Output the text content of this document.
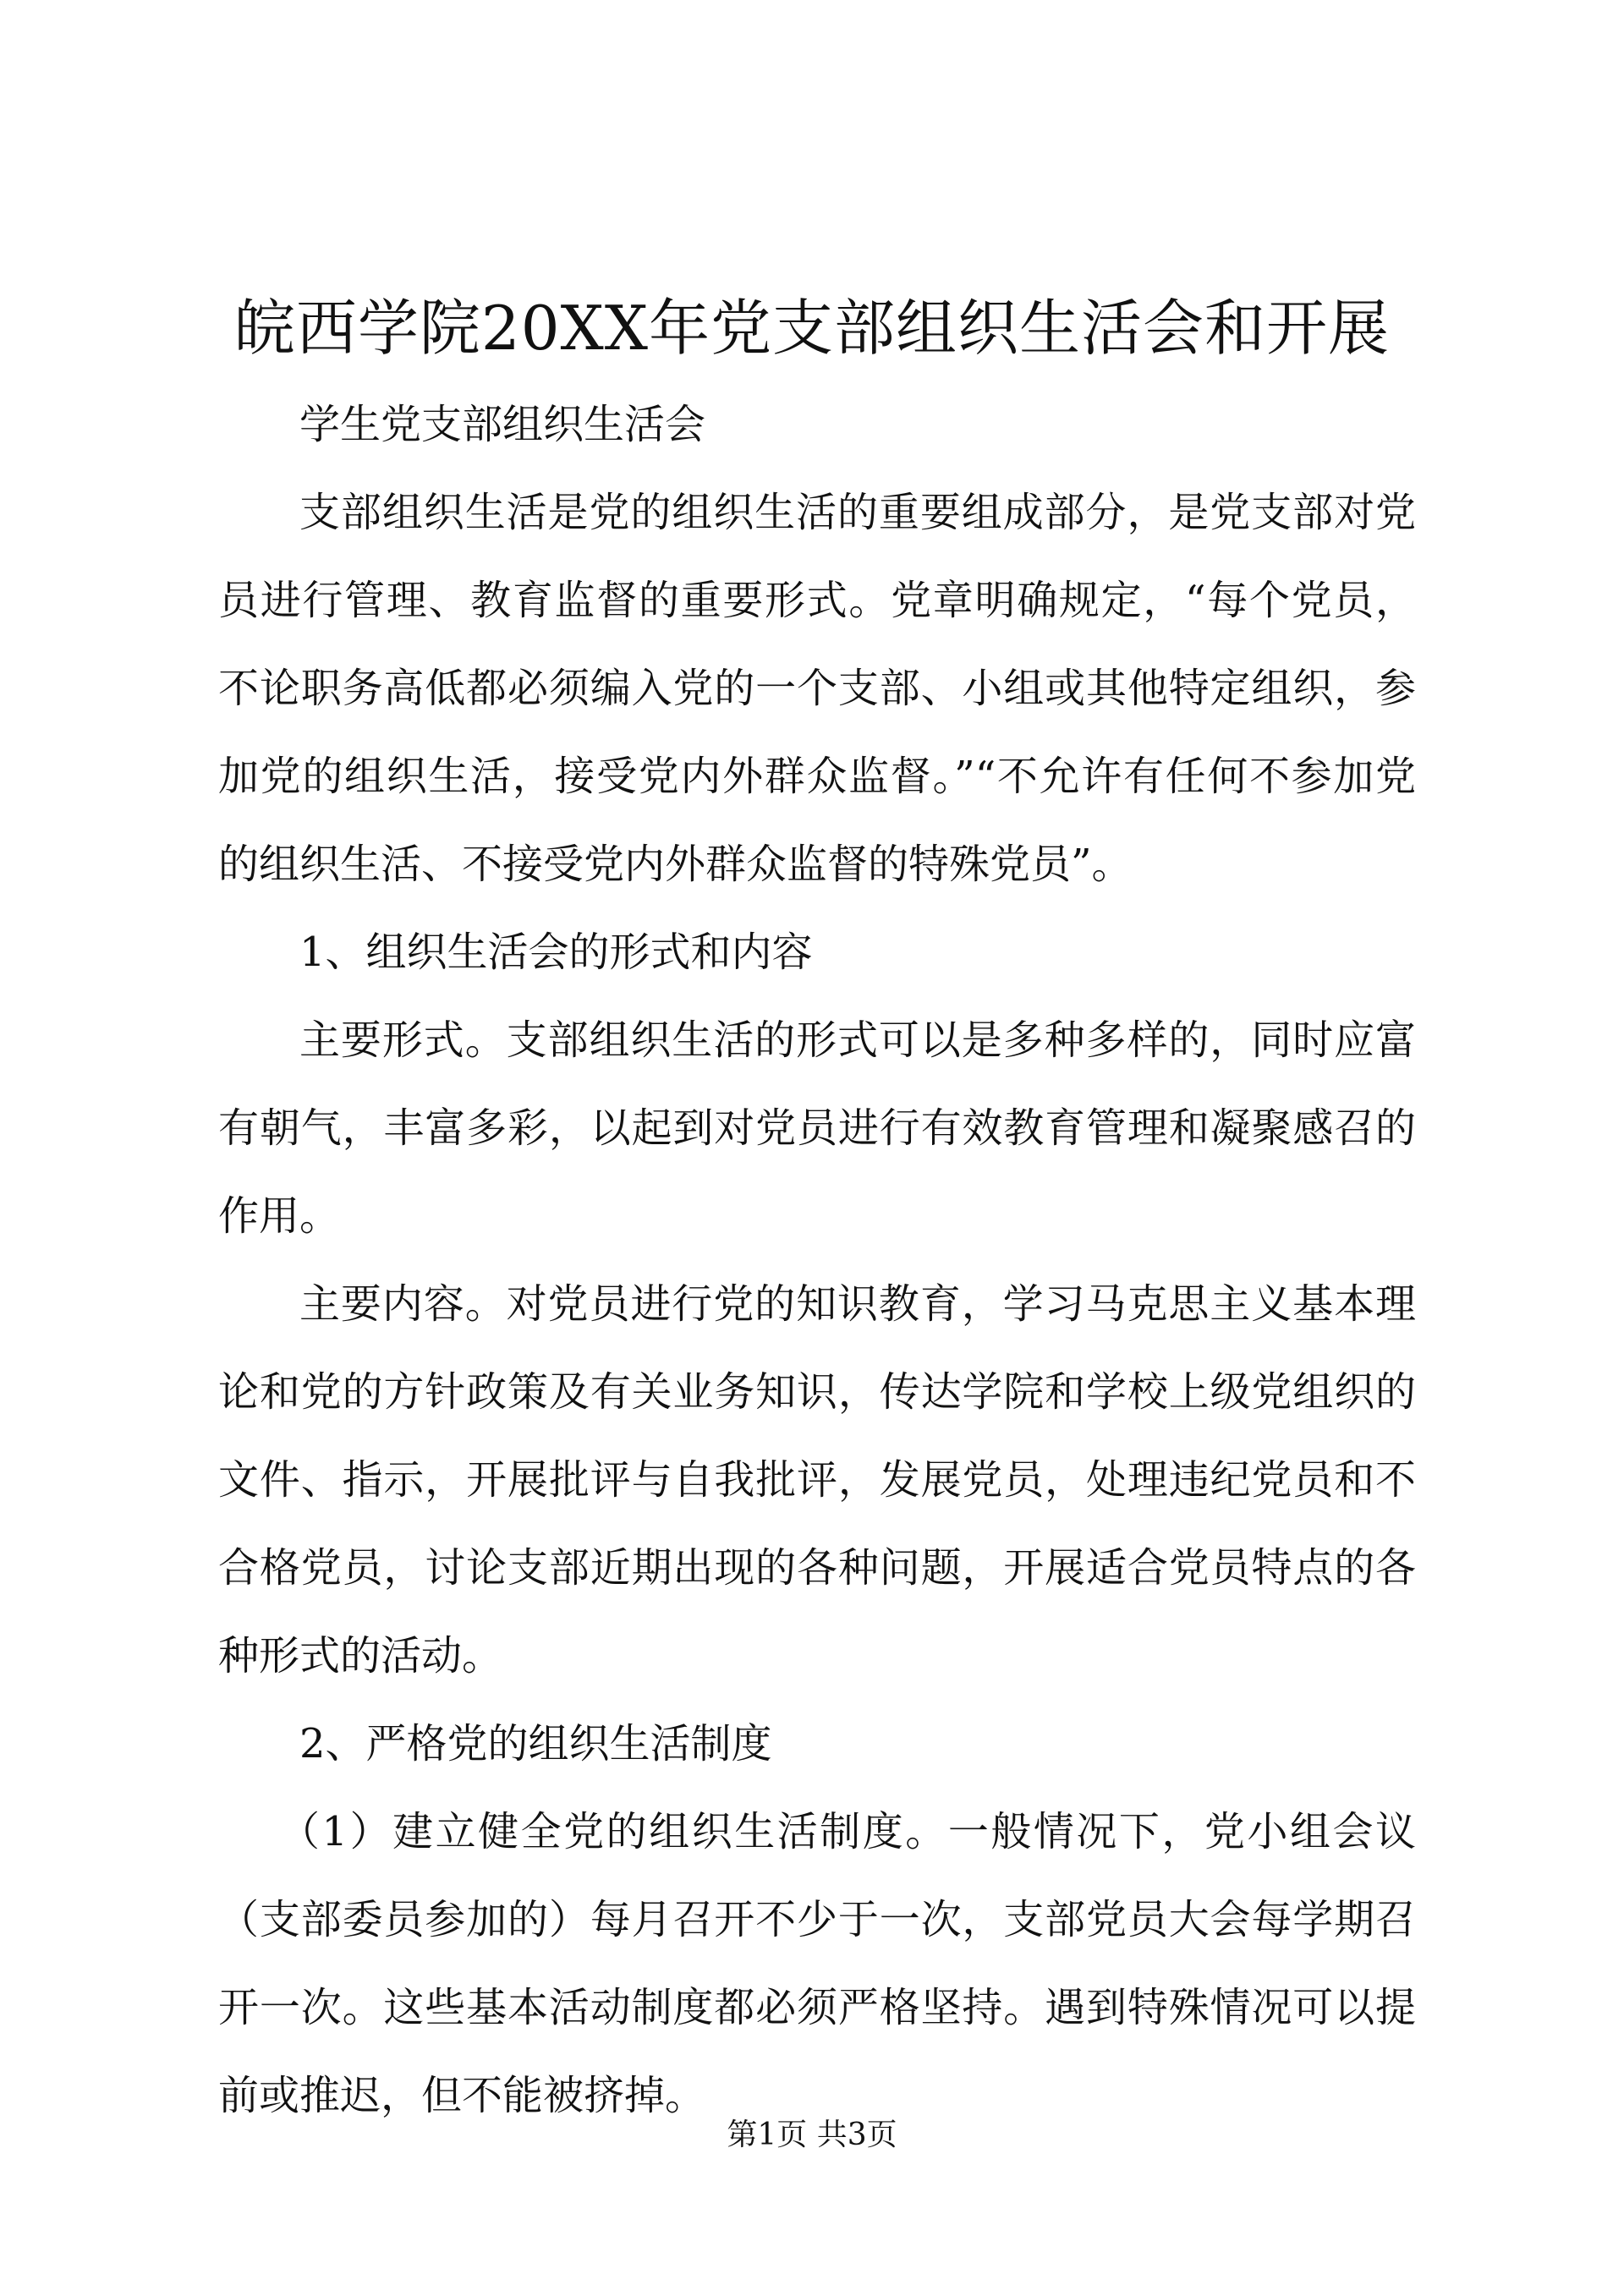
皖西学院20XX年党支部组织生活会和开展

学生党支部组织生活会

支部组织生活是党的组织生活的重要组成部分，是党支部对党员进行管理、教育监督的重要形式。党章明确规定，“每个党员，不论职务高低都必须编入党的一个支部、小组或其他特定组织，参加党的组织生活，接受党内外群众监督。”“不允许有任何不参加党的组织生活、不接受党内外群众监督的特殊党员”。

1、组织生活会的形式和内容

主要形式。支部组织生活的形式可以是多种多样的，同时应富有朝气，丰富多彩，以起到对党员进行有效教育管理和凝聚感召的作用。

主要内容。对党员进行党的知识教育，学习马克思主义基本理论和党的方针政策及有关业务知识，传达学院和学校上级党组织的文件、指示，开展批评与自我批评，发展党员，处理违纪党员和不合格党员，讨论支部近期出现的各种问题，开展适合党员特点的各种形式的活动。

2、严格党的组织生活制度

（1）建立健全党的组织生活制度。一般情况下，党小组会议（支部委员参加的）每月召开不少于一次，支部党员大会每学期召开一次。这些基本活动制度都必须严格坚持。遇到特殊情况可以提前或推迟，但不能被挤掉。

第1页 共3页
